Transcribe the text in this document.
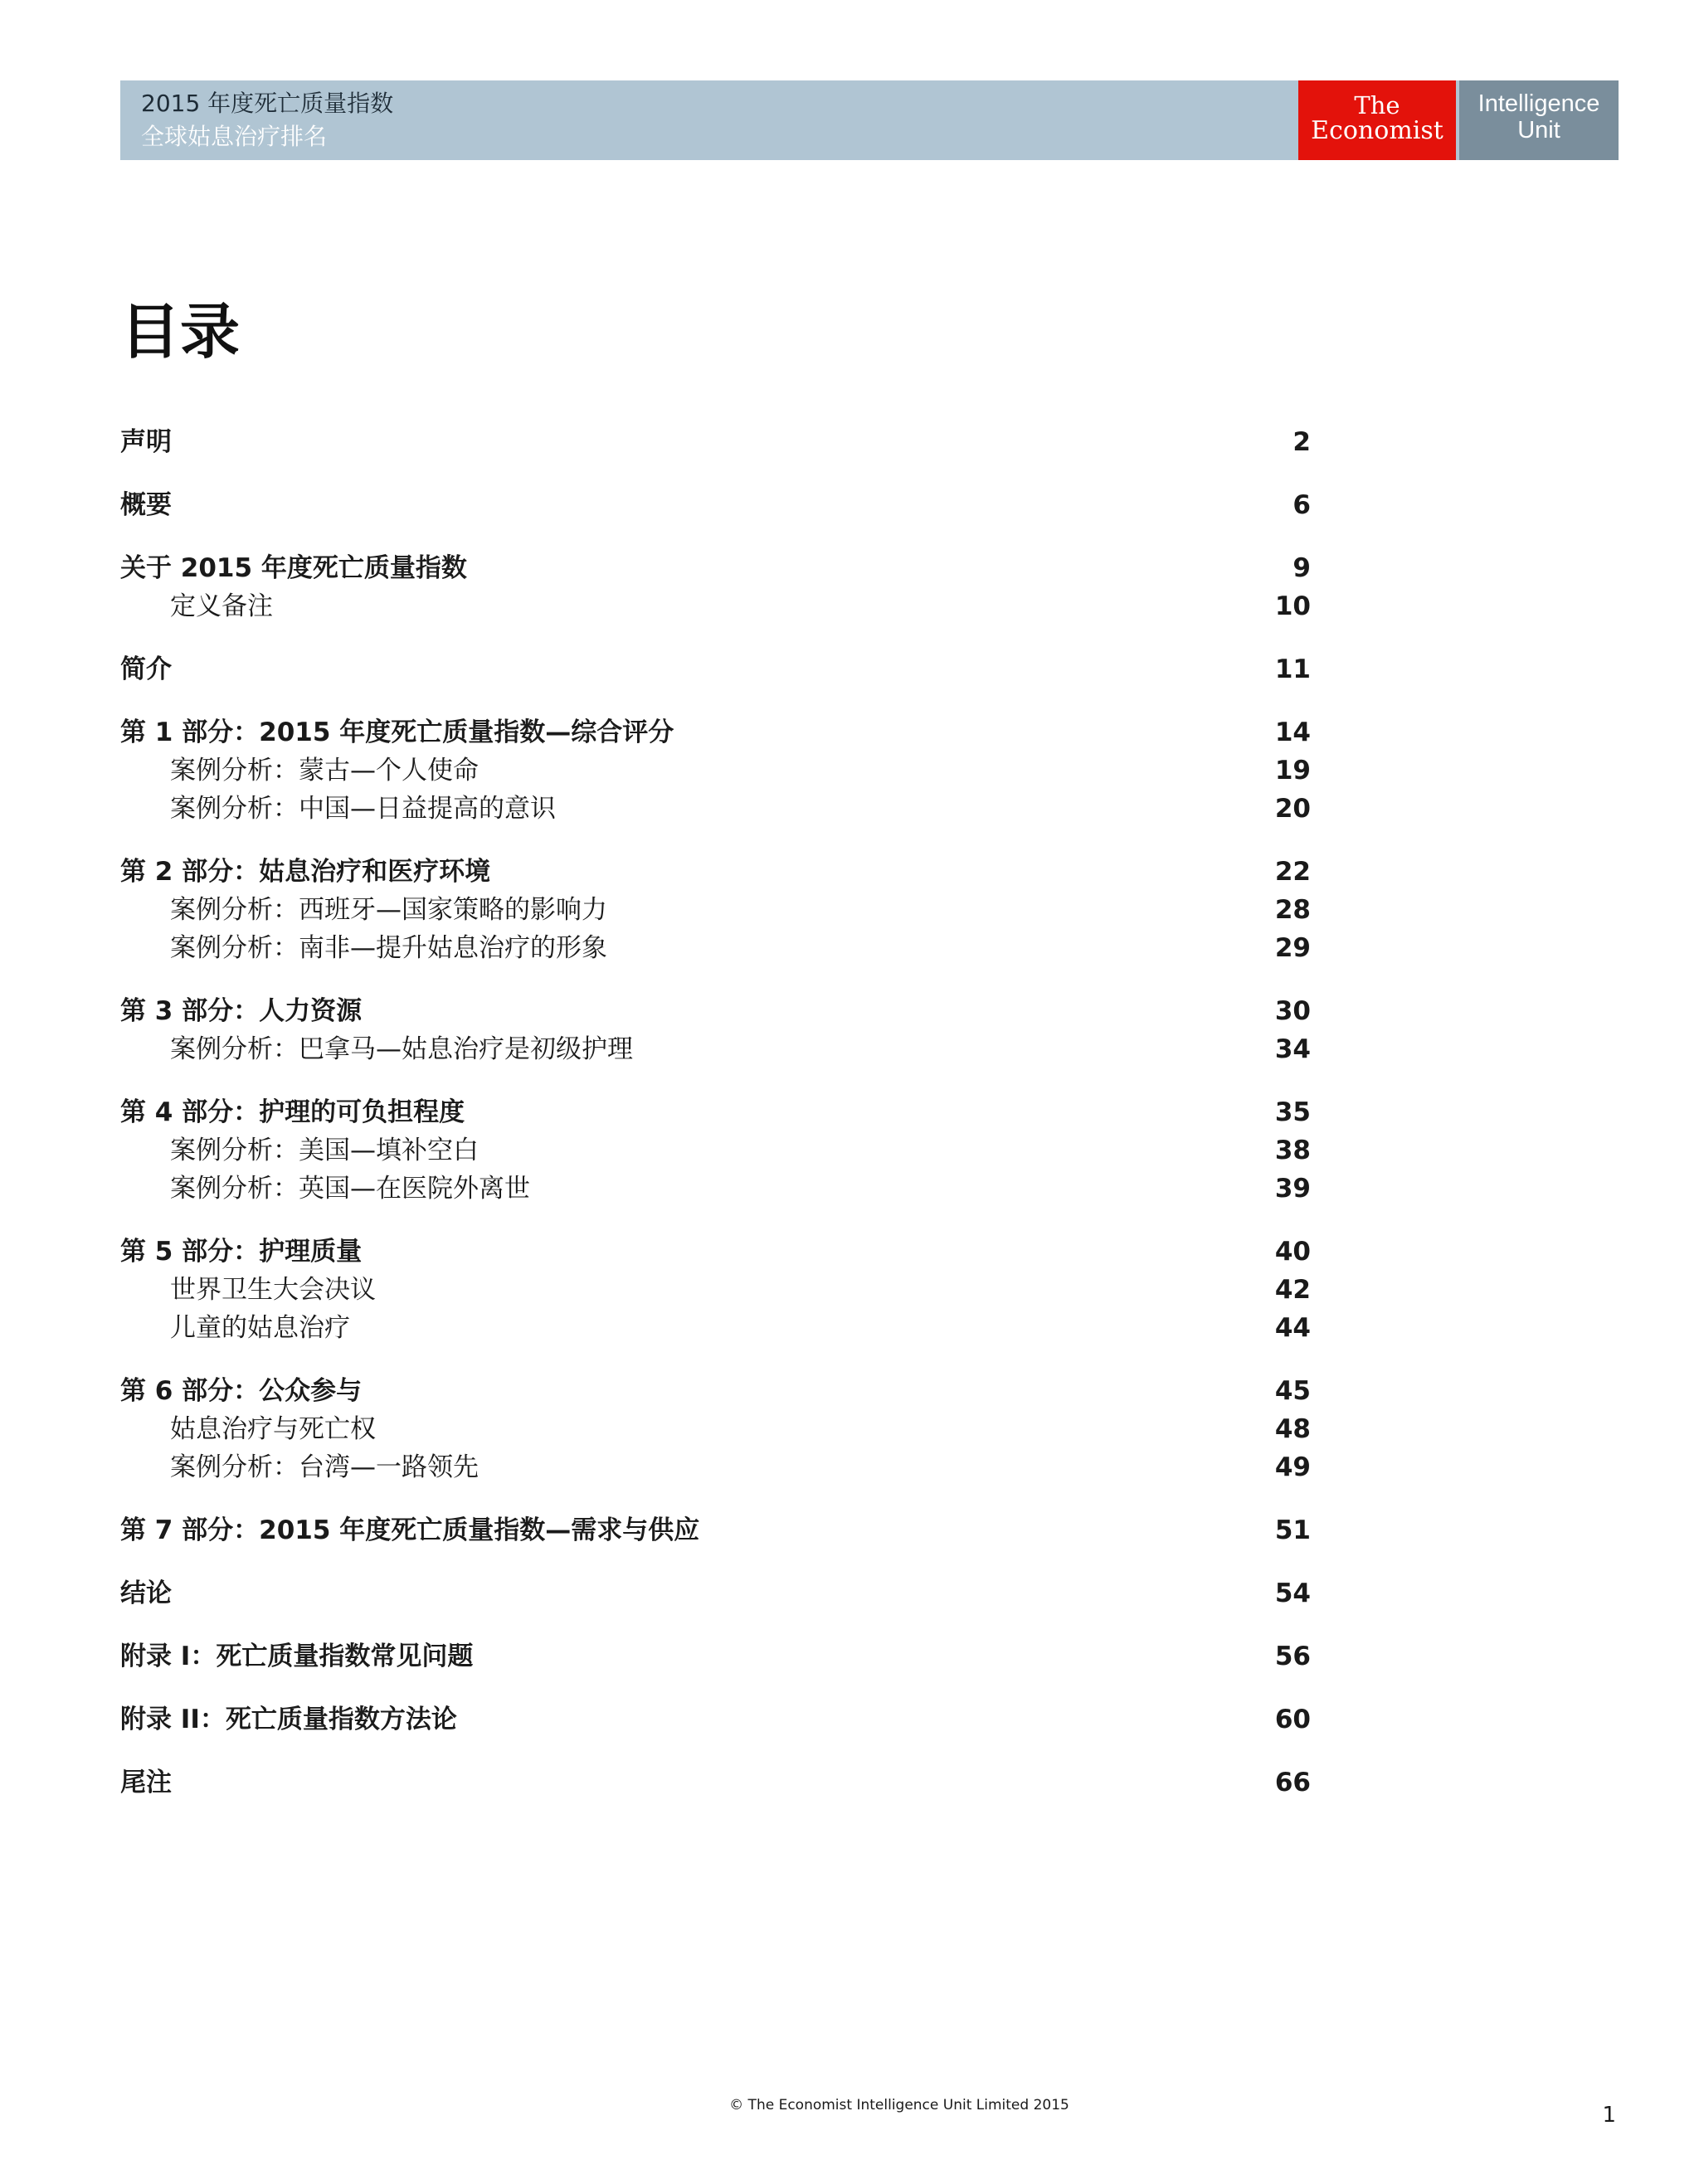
2015 年度死亡质量指数
全球姑息治疗排名
The
Economist
Intelligence
Unit
目录
声明	2
概要	6
关于 2015 年度死亡质量指数	9
定义备注	10
简介	11
第 1 部分：2015 年度死亡质量指数—综合评分	14
案例分析：蒙古—个人使命	19
案例分析：中国—日益提高的意识	20
第 2 部分：姑息治疗和医疗环境	22
案例分析：西班牙—国家策略的影响力	28
案例分析：南非—提升姑息治疗的形象	29
第 3 部分：人力资源	30
案例分析：巴拿马—姑息治疗是初级护理	34
第 4 部分：护理的可负担程度	35
案例分析：美国—填补空白	38
案例分析：英国—在医院外离世	39
第 5 部分：护理质量	40
世界卫生大会决议	42
儿童的姑息治疗	44
第 6 部分：公众参与	45
姑息治疗与死亡权	48
案例分析：台湾—一路领先	49
第 7 部分：2015 年度死亡质量指数—需求与供应	51
结论	54
附录 I：死亡质量指数常见问题	56
附录 II：死亡质量指数方法论	60
尾注	66
© The Economist Intelligence Unit Limited 2015	1
